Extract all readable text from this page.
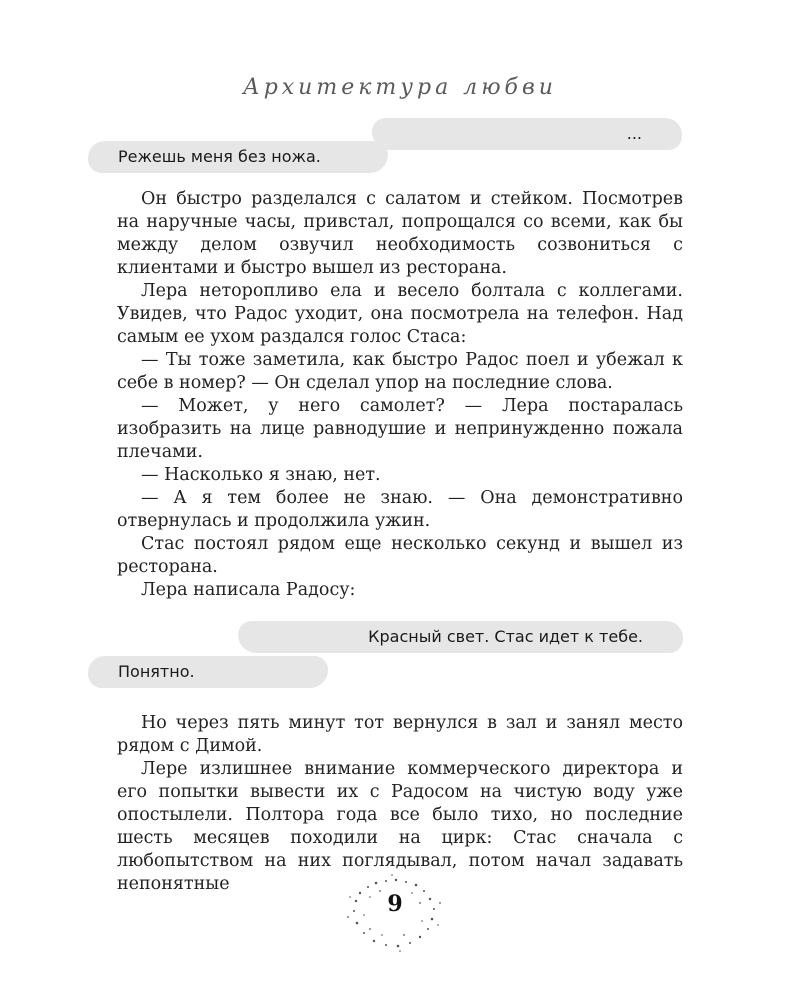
Архитектура любви
...
Режешь меня без ножа.

Он быстро разделался с салатом и стейком. Посмотрев на наручные часы, привстал, попрощался со всеми, как бы между делом озвучил необходимость созвониться с клиентами и быстро вышел из ресторана.

Лера неторопливо ела и весело болтала с коллегами. Увидев, что Радос уходит, она посмотрела на телефон. Над самым ее ухом раздался голос Стаса:

— Ты тоже заметила, как быстро Радос поел и убежал к себе в номер? — Он сделал упор на последние слова.

— Может, у него самолет? — Лера постаралась изобразить на лице равнодушие и непринужденно пожала плечами.

— Насколько я знаю, нет.

— А я тем более не знаю. — Она демонстративно отвернулась и продолжила ужин.

Стас постоял рядом еще несколько секунд и вышел из ресторана.

Лера написала Радосу:

Красный свет. Стас идет к тебе.
Понятно.

Но через пять минут тот вернулся в зал и занял место рядом с Димой.

Лере излишнее внимание коммерческого директора и его попытки вывести их с Радосом на чистую воду уже опостылели. Полтора года все было тихо, но последние шесть месяцев походили на цирк: Стас сначала с любопытством на них поглядывал, потом начал задавать непонятные

9
